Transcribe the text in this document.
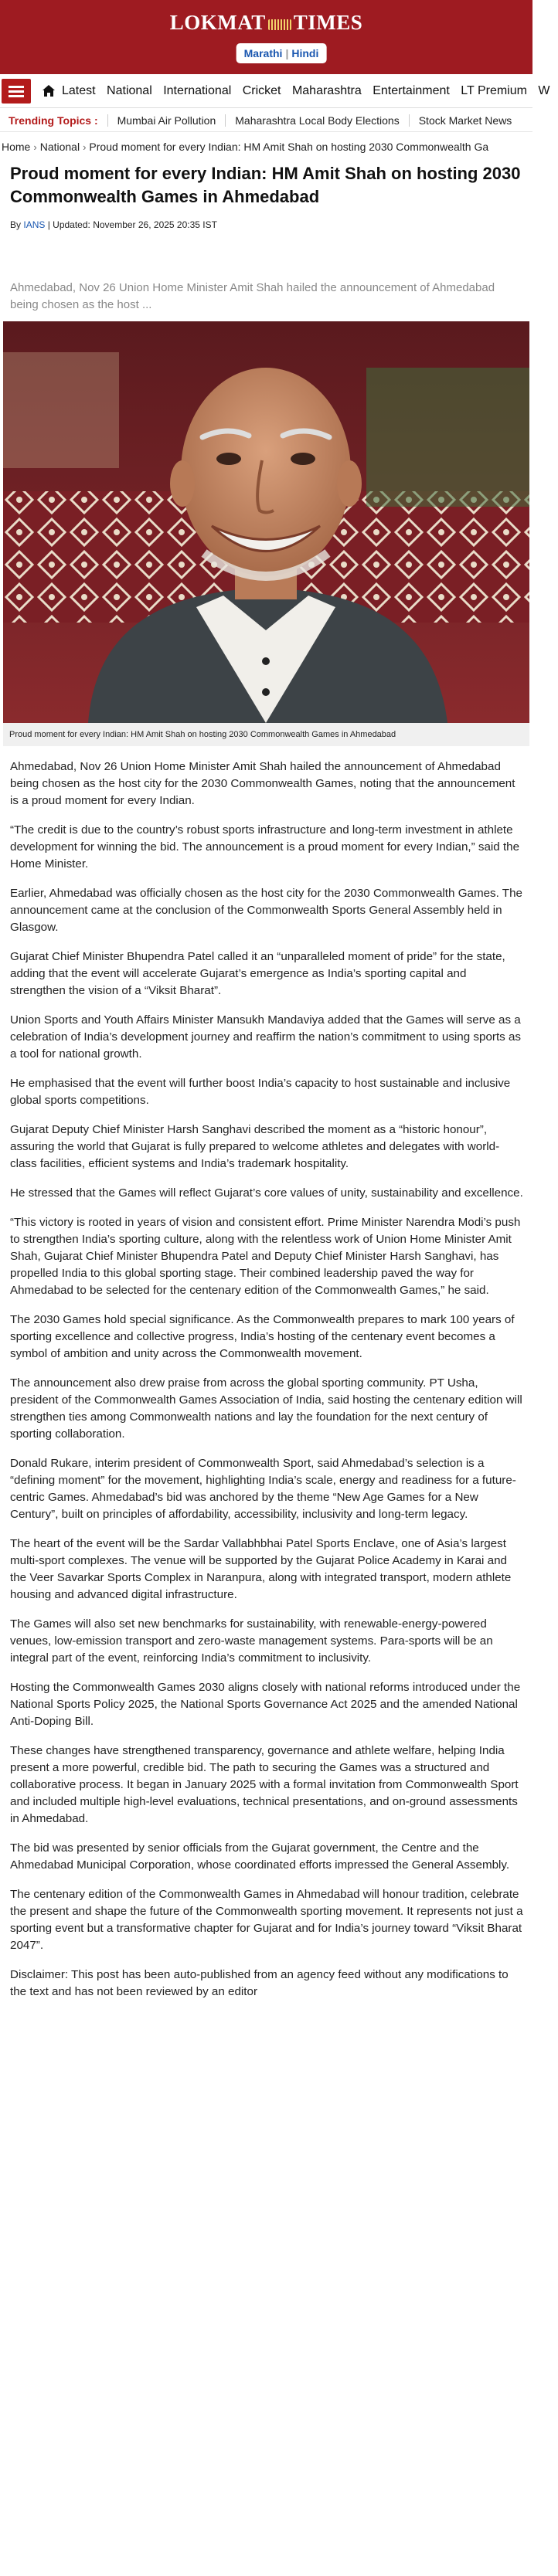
LOKMAT TIMES
Marathi | Hindi
Latest National International Cricket Maharashtra Entertainment LT Premium W
Trending Topics : Mumbai Air Pollution Maharashtra Local Body Elections Stock Market News
Home › National › Proud moment for every Indian: HM Amit Shah on hosting 2030 Commonwealth Ga
Proud moment for every Indian: HM Amit Shah on hosting 2030 Commonwealth Games in Ahmedabad
By IANS | Updated: November 26, 2025 20:35 IST

Ahmedabad, Nov 26 Union Home Minister Amit Shah hailed the announcement of Ahmedabad being chosen as the host ...

Proud moment for every Indian: HM Amit Shah on hosting 2030 Commonwealth Games in Ahmedabad

Ahmedabad, Nov 26 Union Home Minister Amit Shah hailed the announcement of Ahmedabad being chosen as the host city for the 2030 Commonwealth Games, noting that the announcement is a proud moment for every Indian.

“The credit is due to the country’s robust sports infrastructure and long-term investment in athlete development for winning the bid. The announcement is a proud moment for every Indian,” said the Home Minister.

Earlier, Ahmedabad was officially chosen as the host city for the 2030 Commonwealth Games. The announcement came at the conclusion of the Commonwealth Sports General Assembly held in Glasgow.

Gujarat Chief Minister Bhupendra Patel called it an “unparalleled moment of pride” for the state, adding that the event will accelerate Gujarat’s emergence as India’s sporting capital and strengthen the vision of a “Viksit Bharat”.

Union Sports and Youth Affairs Minister Mansukh Mandaviya added that the Games will serve as a celebration of India’s development journey and reaffirm the nation’s commitment to using sports as a tool for national growth.

He emphasised that the event will further boost India’s capacity to host sustainable and inclusive global sports competitions.

Gujarat Deputy Chief Minister Harsh Sanghavi described the moment as a “historic honour”, assuring the world that Gujarat is fully prepared to welcome athletes and delegates with world-class facilities, efficient systems and India’s trademark hospitality.

He stressed that the Games will reflect Gujarat’s core values of unity, sustainability and excellence.

“This victory is rooted in years of vision and consistent effort. Prime Minister Narendra Modi’s push to strengthen India’s sporting culture, along with the relentless work of Union Home Minister Amit Shah, Gujarat Chief Minister Bhupendra Patel and Deputy Chief Minister Harsh Sanghavi, has propelled India to this global sporting stage. Their combined leadership paved the way for Ahmedabad to be selected for the centenary edition of the Commonwealth Games,” he said.

The 2030 Games hold special significance. As the Commonwealth prepares to mark 100 years of sporting excellence and collective progress, India’s hosting of the centenary event becomes a symbol of ambition and unity across the Commonwealth movement.

The announcement also drew praise from across the global sporting community. PT Usha, president of the Commonwealth Games Association of India, said hosting the centenary edition will strengthen ties among Commonwealth nations and lay the foundation for the next century of sporting collaboration.

Donald Rukare, interim president of Commonwealth Sport, said Ahmedabad’s selection is a “defining moment” for the movement, highlighting India’s scale, energy and readiness for a future-centric Games. Ahmedabad’s bid was anchored by the theme “New Age Games for a New Century”, built on principles of affordability, accessibility, inclusivity and long-term legacy.

The heart of the event will be the Sardar Vallabhbhai Patel Sports Enclave, one of Asia’s largest multi-sport complexes. The venue will be supported by the Gujarat Police Academy in Karai and the Veer Savarkar Sports Complex in Naranpura, along with integrated transport, modern athlete housing and advanced digital infrastructure.

The Games will also set new benchmarks for sustainability, with renewable-energy-powered venues, low-emission transport and zero-waste management systems. Para-sports will be an integral part of the event, reinforcing India’s commitment to inclusivity.

Hosting the Commonwealth Games 2030 aligns closely with national reforms introduced under the National Sports Policy 2025, the National Sports Governance Act 2025 and the amended National Anti-Doping Bill.

These changes have strengthened transparency, governance and athlete welfare, helping India present a more powerful, credible bid. The path to securing the Games was a structured and collaborative process. It began in January 2025 with a formal invitation from Commonwealth Sport and included multiple high-level evaluations, technical presentations, and on-ground assessments in Ahmedabad.

The bid was presented by senior officials from the Gujarat government, the Centre and the Ahmedabad Municipal Corporation, whose coordinated efforts impressed the General Assembly.

The centenary edition of the Commonwealth Games in Ahmedabad will honour tradition, celebrate the present and shape the future of the Commonwealth sporting movement. It represents not just a sporting event but a transformative chapter for Gujarat and for India’s journey toward “Viksit Bharat 2047”.

Disclaimer: This post has been auto-published from an agency feed without any modifications to the text and has not been reviewed by an editor
